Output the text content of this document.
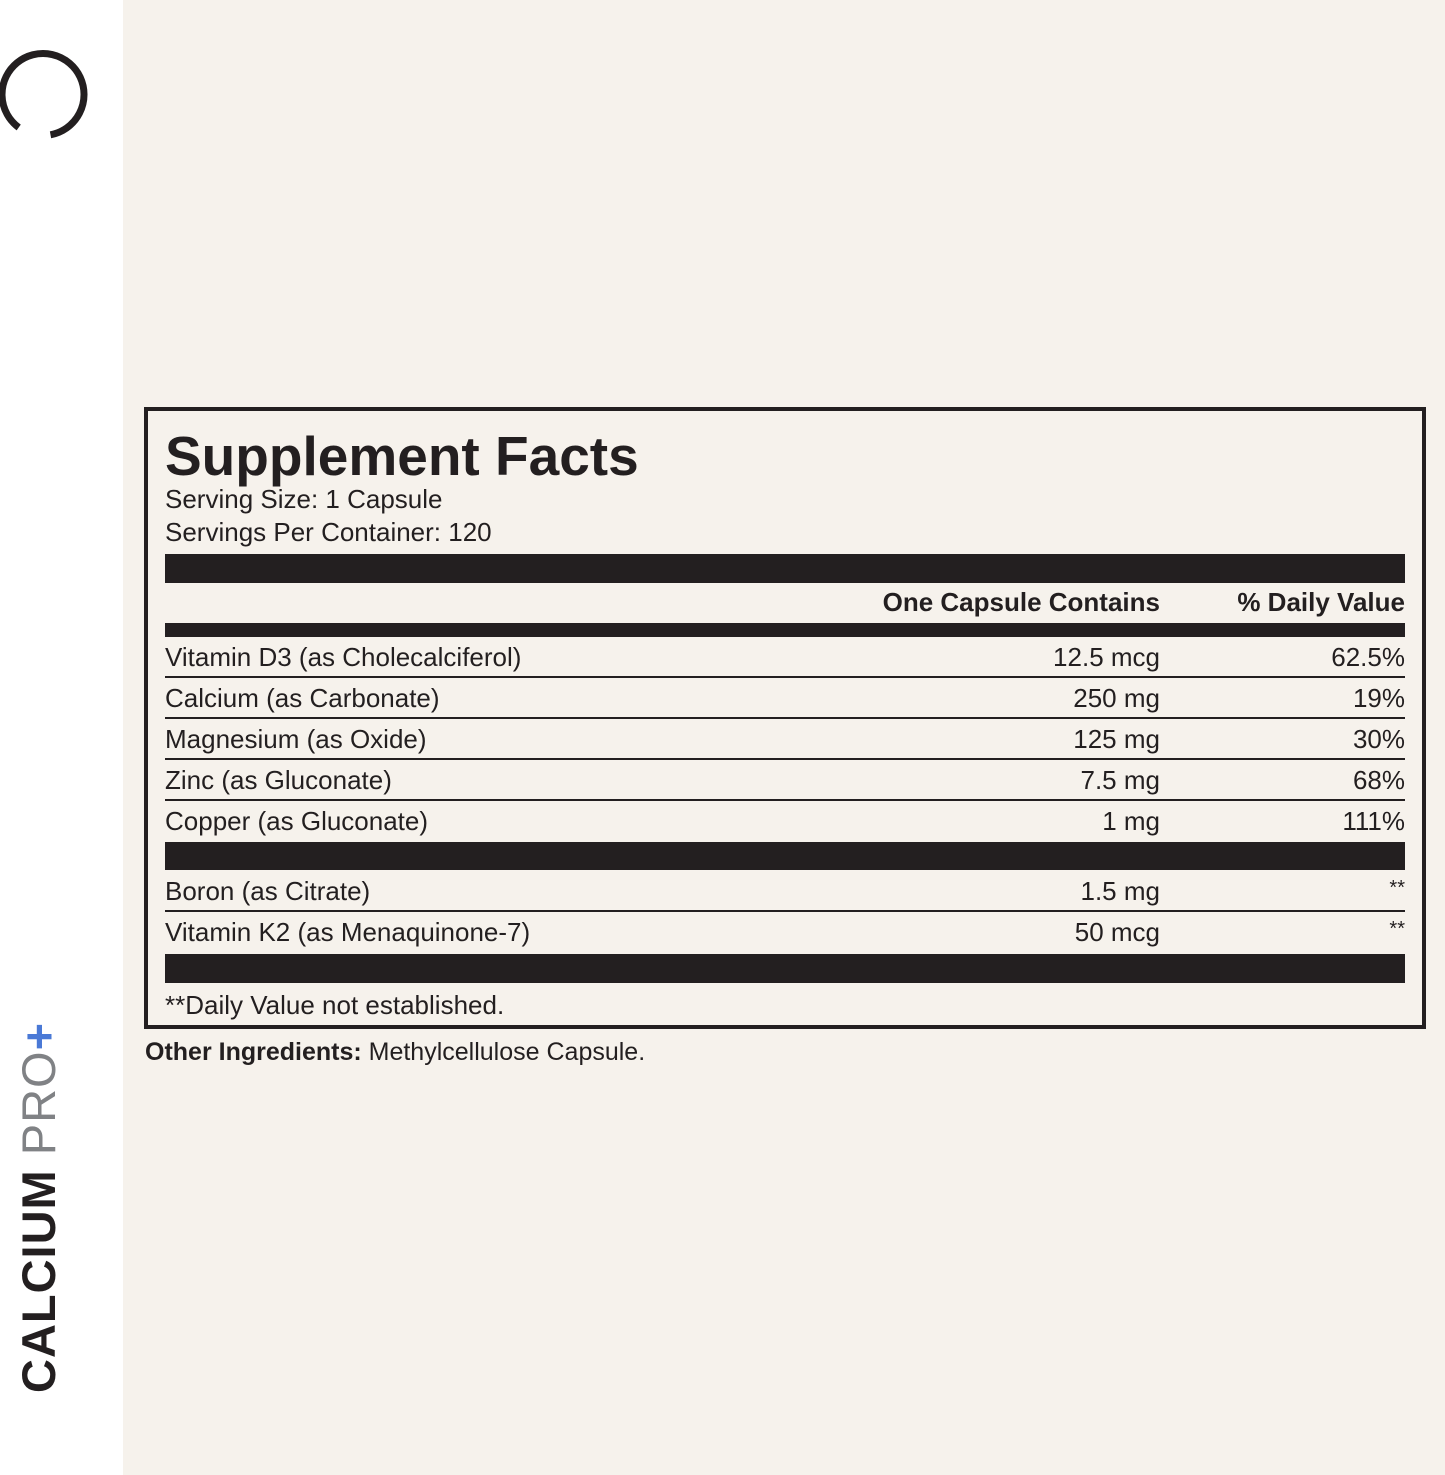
CALCIUM PRO+
Supplement Facts
Serving Size: 1 Capsule
Servings Per Container: 120
One Capsule Contains	% Daily Value
Vitamin D3 (as Cholecalciferol)	12.5 mcg	62.5%
Calcium (as Carbonate)	250 mg	19%
Magnesium (as Oxide)	125 mg	30%
Zinc (as Gluconate)	7.5 mg	68%
Copper (as Gluconate)	1 mg	111%
Boron (as Citrate)	1.5 mg	**
Vitamin K2 (as Menaquinone-7)	50 mcg	**
**Daily Value not established.
Other Ingredients: Methylcellulose Capsule.
